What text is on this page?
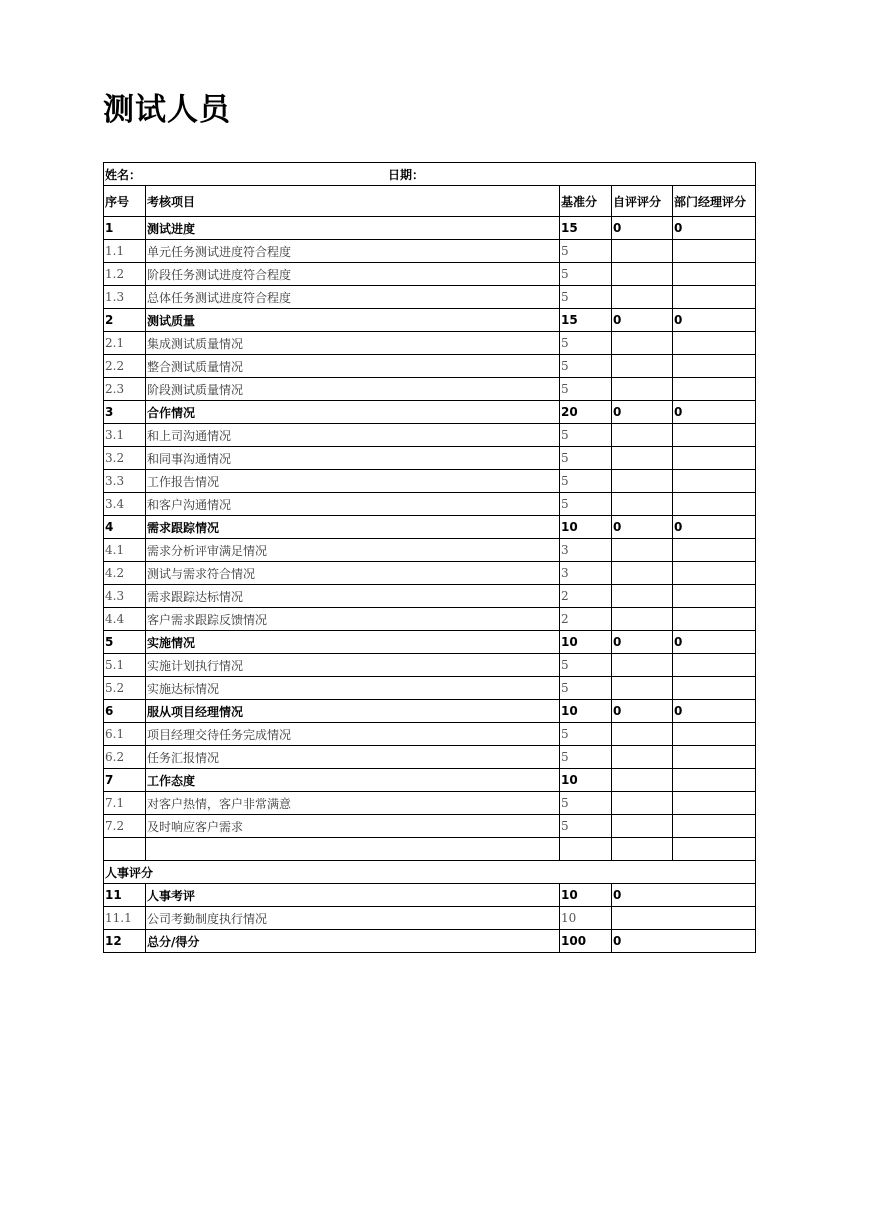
测试人员
姓名： 日期：				
序号	考核项目	基准分	自评评分	部门经理评分
1	测试进度	15	0	0
1.1	单元任务测试进度符合程度	5		
1.2	阶段任务测试进度符合程度	5		
1.3	总体任务测试进度符合程度	5		
2	测试质量	15	0	0
2.1	集成测试质量情况	5		
2.2	整合测试质量情况	5		
2.3	阶段测试质量情况	5		
3	合作情况	20	0	0
3.1	和上司沟通情况	5		
3.2	和同事沟通情况	5		
3.3	工作报告情况	5		
3.4	和客户沟通情况	5		
4	需求跟踪情况	10	0	0
4.1	需求分析评审满足情况	3		
4.2	测试与需求符合情况	3		
4.3	需求跟踪达标情况	2		
4.4	客户需求跟踪反馈情况	2		
5	实施情况	10	0	0
5.1	实施计划执行情况	5		
5.2	实施达标情况	5		
6	服从项目经理情况	10	0	0
6.1	项目经理交待任务完成情况	5		
6.2	任务汇报情况	5		
7	工作态度	10		
7.1	对客户热情，客户非常满意	5		
7.2	及时响应客户需求	5		

人事评分				
11	人事考评	10	0	
11.1	公司考勤制度执行情况	10		
12	总分/得分	100	0	
